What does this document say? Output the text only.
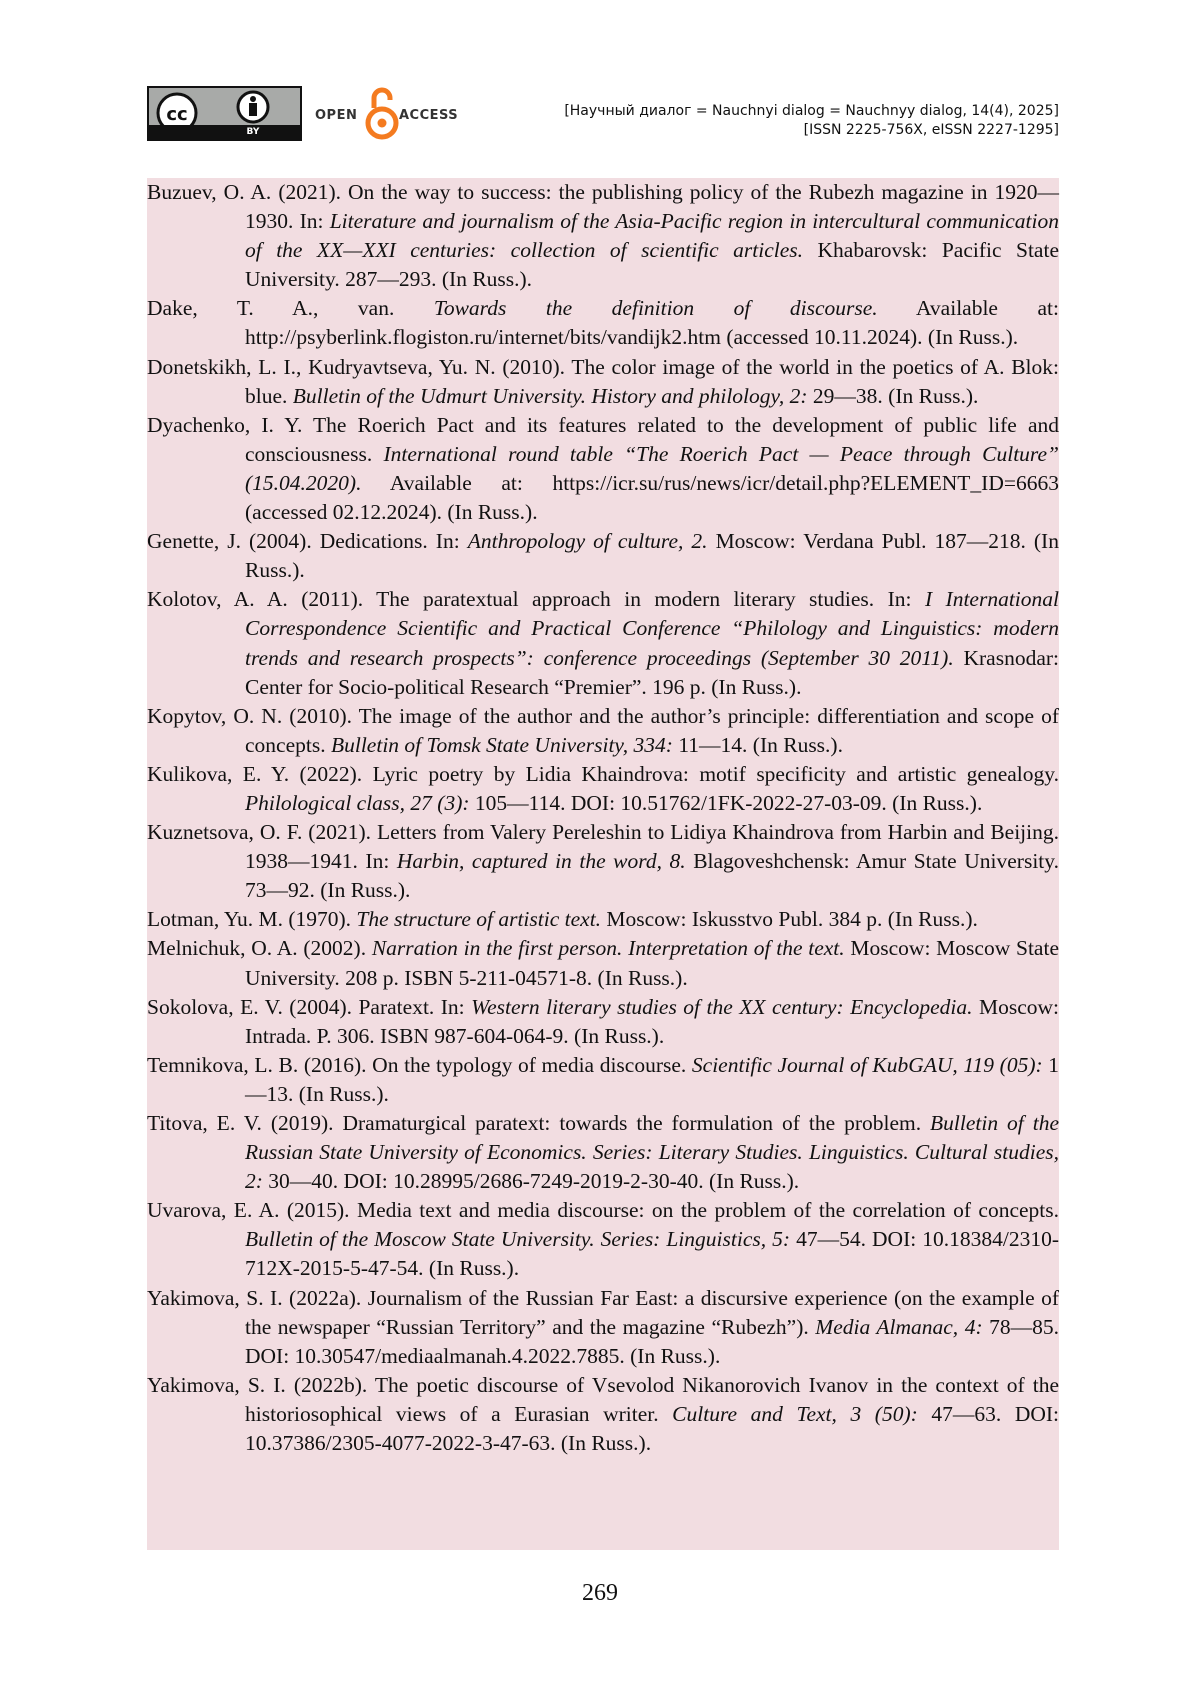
cc
BY
OPEN	ACCESS	[Научный диалог = Nauchnyi dialog = Nauchnyy dialog, 14(4), 2025]
[ISSN 2225-756X, eISSN 2227-1295]
Buzuev, O. A. (2021). On the way to success: the publishing policy of the Rubezh magazine in 1920—1930. In: Literature and journalism of the Asia-Pacific region in intercultural communication of the XX—XXI centuries: collection of scientific articles. Khabarovsk: Pacific State University. 287—293. (In Russ.).
Dake, T. A., van. Towards the definition of discourse. Available at: http://psyberlink.flogiston.ru/internet/bits/vandijk2.htm (accessed 10.11.2024). (In Russ.).
Donetskikh, L. I., Kudryavtseva, Yu. N. (2010). The color image of the world in the poetics of A. Blok: blue. Bulletin of the Udmurt University. History and philology, 2: 29—38. (In Russ.).
Dyachenko, I. Y. The Roerich Pact and its features related to the development of public life and consciousness. International round table “The Roerich Pact — Peace through Culture” (15.04.2020). Available at: https://icr.su/rus/news/icr/detail.php?ELEMENT_ID=6663 (accessed 02.12.2024). (In Russ.).
Genette, J. (2004). Dedications. In: Anthropology of culture, 2. Moscow: Verdana Publ. 187—218. (In Russ.).
Kolotov, A. A. (2011). The paratextual approach in modern literary studies. In: I International Correspondence Scientific and Practical Conference “Philology and Linguistics: modern trends and research prospects”: conference proceedings (September 30 2011). Krasnodar: Center for Socio-political Research “Premier”. 196 p. (In Russ.).
Kopytov, O. N. (2010). The image of the author and the author’s principle: differentiation and scope of concepts. Bulletin of Tomsk State University, 334: 11—14. (In Russ.).
Kulikova, E. Y. (2022). Lyric poetry by Lidia Khaindrova: motif specificity and artistic genealogy. Philological class, 27 (3): 105—114. DOI: 10.51762/1FK-2022-27-03-09. (In Russ.).
Kuznetsova, O. F. (2021). Letters from Valery Pereleshin to Lidiya Khaindrova from Harbin and Beijing. 1938—1941. In: Harbin, captured in the word, 8. Blagoveshchensk: Amur State University. 73—92. (In Russ.).
Lotman, Yu. M. (1970). The structure of artistic text. Moscow: Iskusstvo Publ. 384 p. (In Russ.).
Melnichuk, O. A. (2002). Narration in the first person. Interpretation of the text. Moscow: Moscow State University. 208 p. ISBN 5-211-04571-8. (In Russ.).
Sokolova, E. V. (2004). Paratext. In: Western literary studies of the XX century: Encyclopedia. Moscow: Intrada. P. 306. ISBN 987-604-064-9. (In Russ.).
Temnikova, L. B. (2016). On the typology of media discourse. Scientific Journal of KubGAU, 119 (05): 1—13. (In Russ.).
Titova, E. V. (2019). Dramaturgical paratext: towards the formulation of the problem. Bulletin of the Russian State University of Economics. Series: Literary Studies. Linguistics. Cultural studies, 2: 30—40. DOI: 10.28995/2686-7249-2019-2-30-40. (In Russ.).
Uvarova, E. A. (2015). Media text and media discourse: on the problem of the correlation of concepts. Bulletin of the Moscow State University. Series: Linguistics, 5: 47—54. DOI: 10.18384/2310-712X-2015-5-47-54. (In Russ.).
Yakimova, S. I. (2022a). Journalism of the Russian Far East: a discursive experience (on the example of the newspaper “Russian Territory” and the magazine “Rubezh”). Media Almanac, 4: 78—85. DOI: 10.30547/mediaalmanah.4.2022.7885. (In Russ.).
Yakimova, S. I. (2022b). The poetic discourse of Vsevolod Nikanorovich Ivanov in the context of the historiosophical views of a Eurasian writer. Culture and Text, 3 (50): 47—63. DOI: 10.37386/2305-4077-2022-3-47-63. (In Russ.).
269
